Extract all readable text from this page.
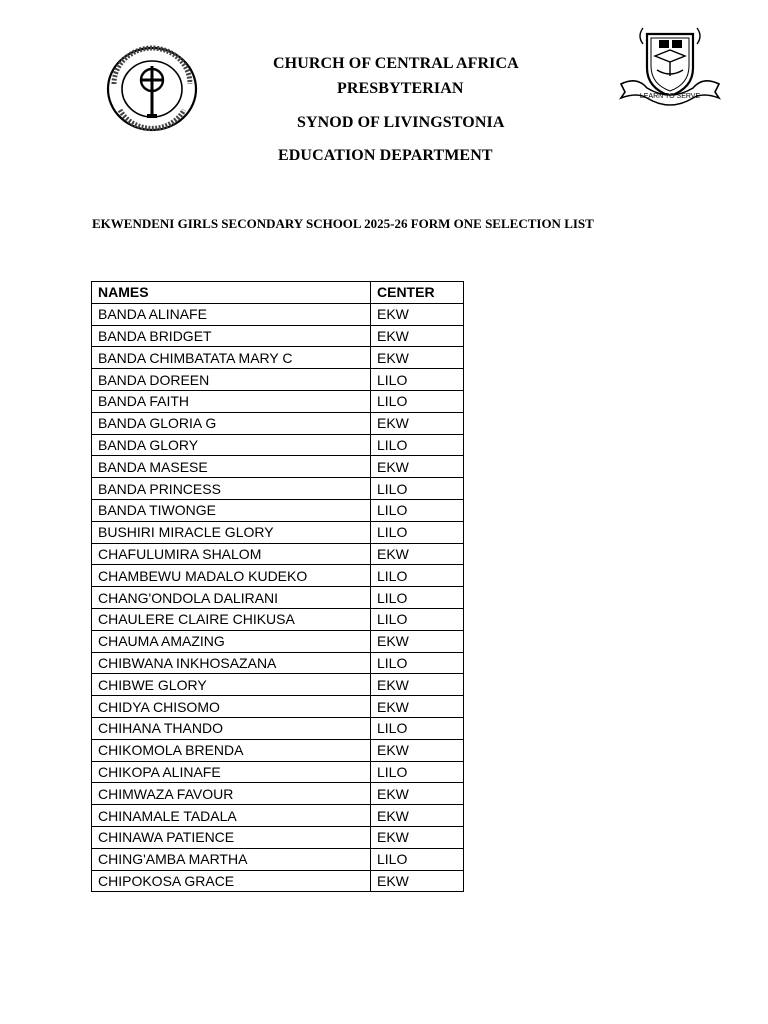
LEARN TO SERVE
CHURCH OF CENTRAL AFRICA
PRESBYTERIAN
SYNOD OF LIVINGSTONIA
EDUCATION DEPARTMENT
EKWENDENI GIRLS SECONDARY SCHOOL 2025-26 FORM ONE SELECTION LIST
NAMES	CENTER
BANDA ALINAFE	EKW
BANDA BRIDGET	EKW
BANDA CHIMBATATA MARY C	EKW
BANDA DOREEN	LILO
BANDA FAITH	LILO
BANDA GLORIA G	EKW
BANDA GLORY	LILO
BANDA MASESE	EKW
BANDA PRINCESS	LILO
BANDA TIWONGE	LILO
BUSHIRI MIRACLE GLORY	LILO
CHAFULUMIRA SHALOM	EKW
CHAMBEWU MADALO KUDEKO	LILO
CHANG'ONDOLA DALIRANI	LILO
CHAULERE CLAIRE CHIKUSA	LILO
CHAUMA AMAZING	EKW
CHIBWANA INKHOSAZANA	LILO
CHIBWE GLORY	EKW
CHIDYA CHISOMO	EKW
CHIHANA THANDO	LILO
CHIKOMOLA BRENDA	EKW
CHIKOPA ALINAFE	LILO
CHIMWAZA FAVOUR	EKW
CHINAMALE TADALA	EKW
CHINAWA PATIENCE	EKW
CHING'AMBA MARTHA	LILO
CHIPOKOSA GRACE	EKW
